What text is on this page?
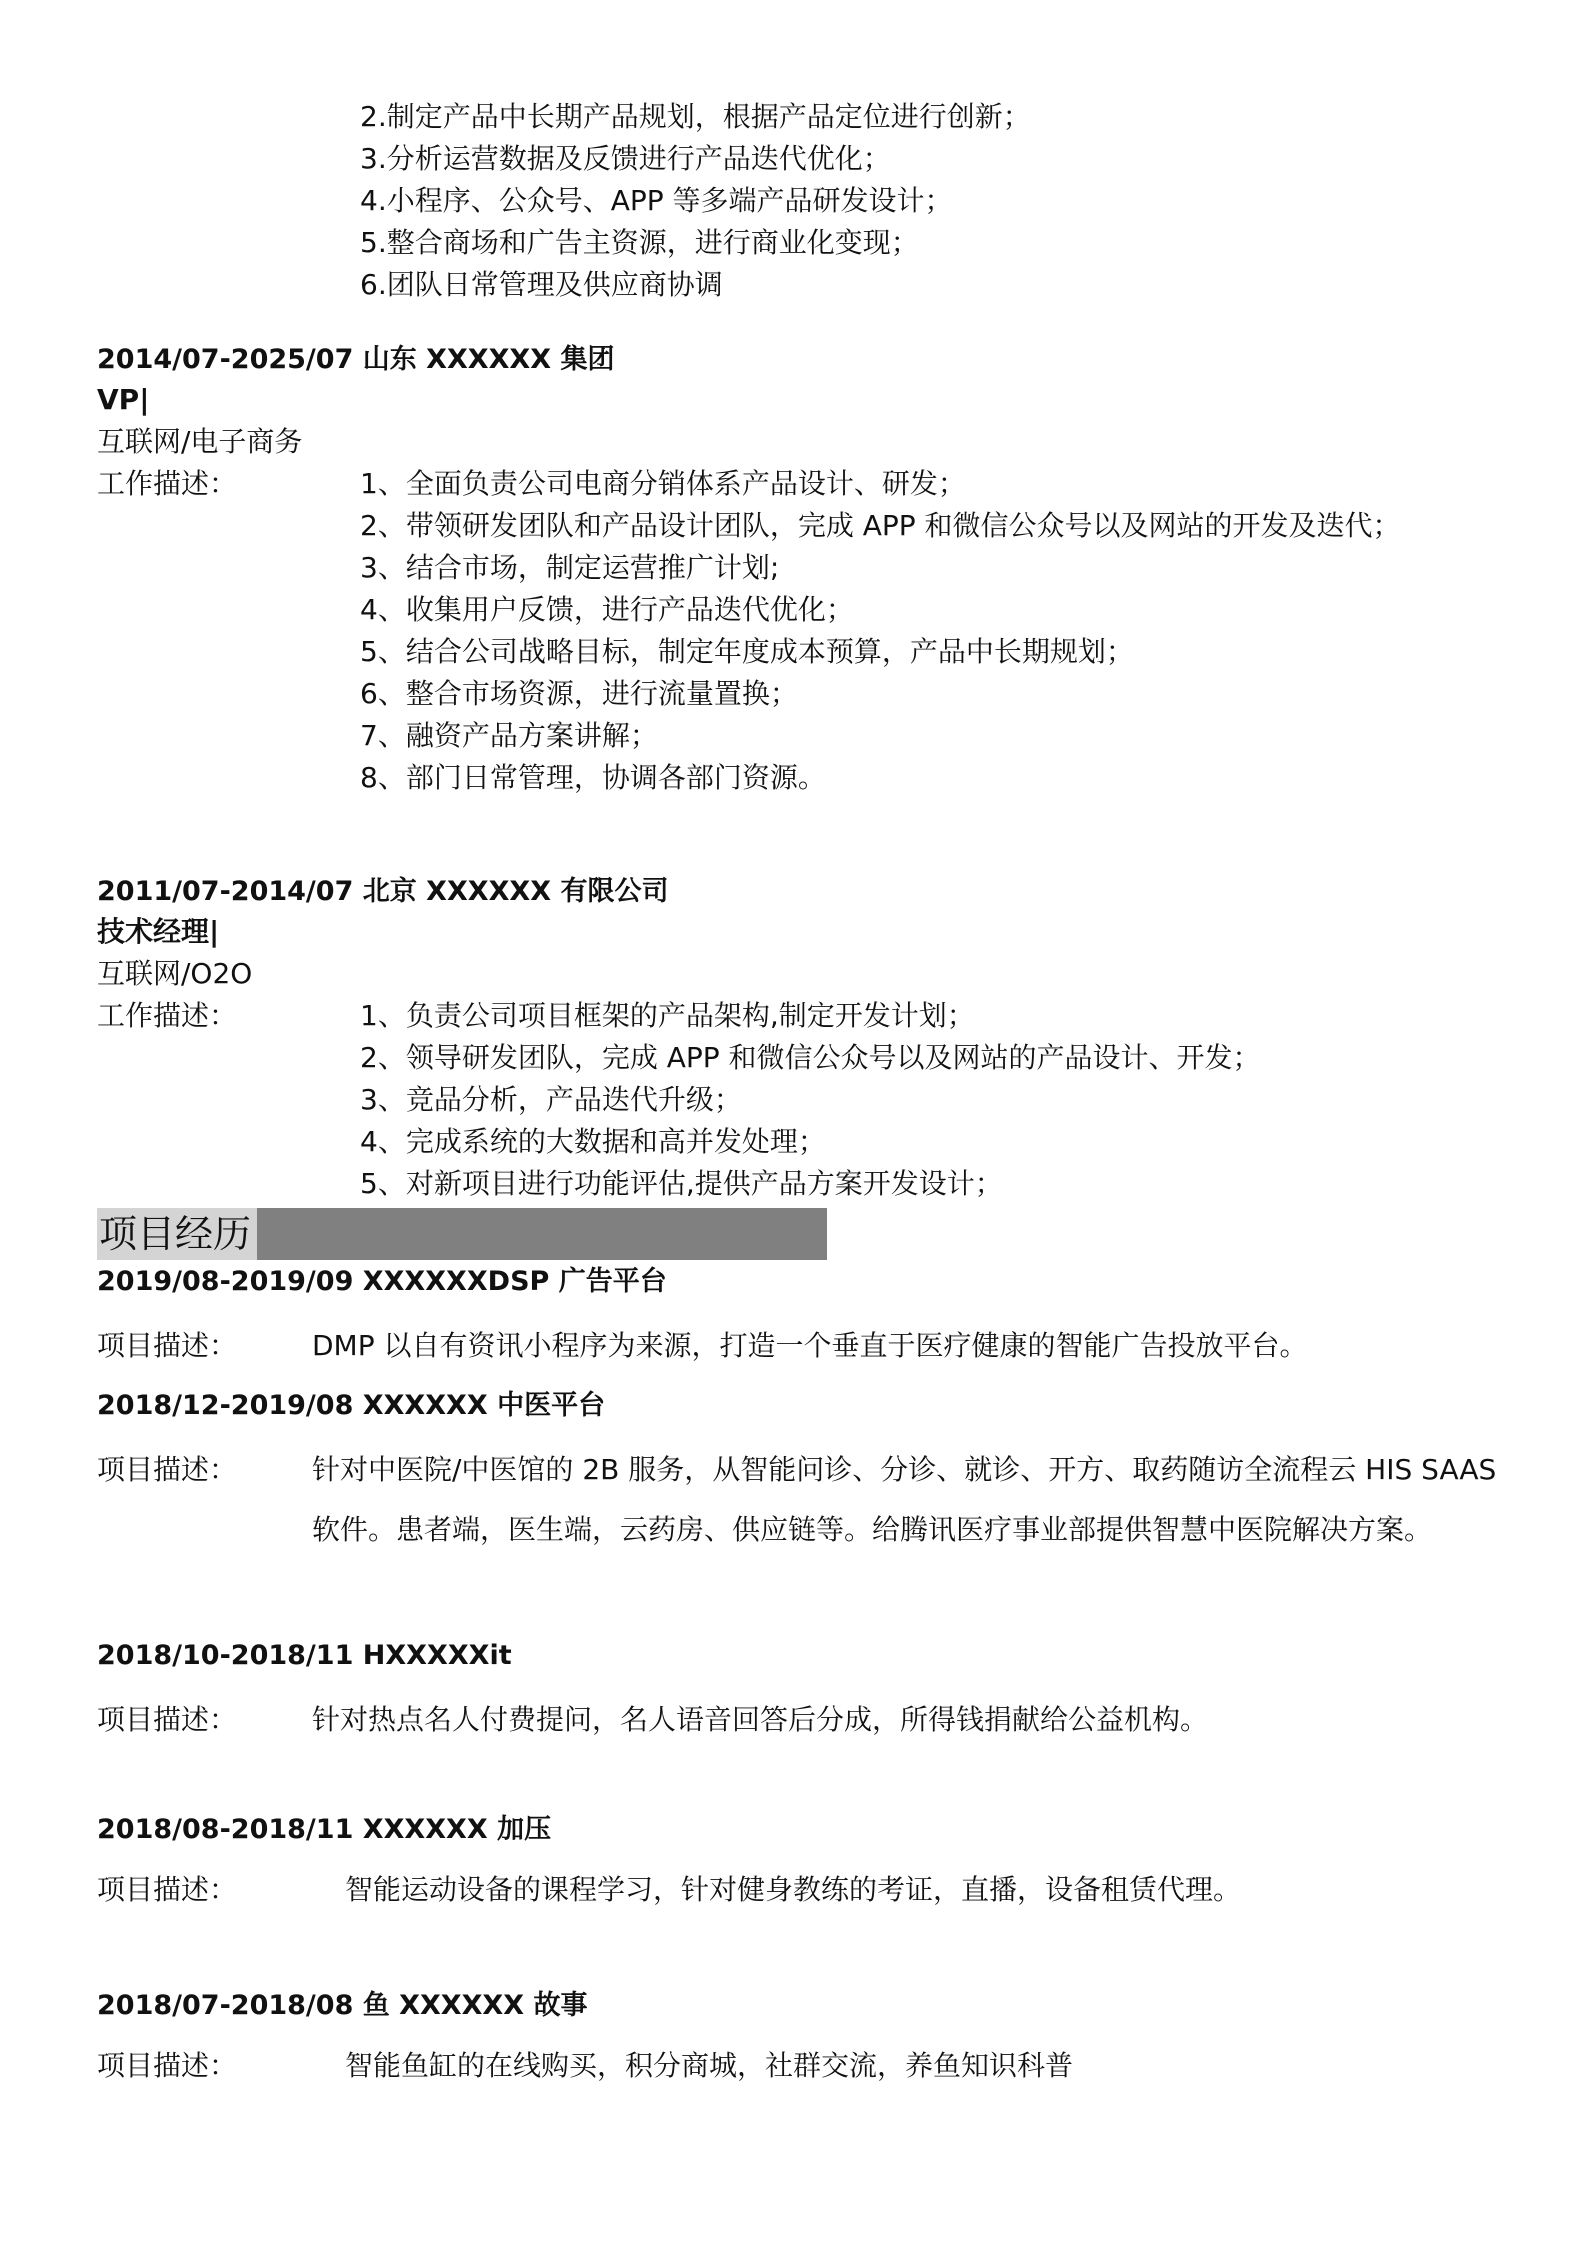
2.制定产品中长期产品规划，根据产品定位进行创新；
3.分析运营数据及反馈进行产品迭代优化；
4.小程序、公众号、APP 等多端产品研发设计；
5.整合商场和广告主资源，进行商业化变现；
6.团队日常管理及供应商协调
2014/07-2025/07 山东 XXXXXX 集团
VP|
互联网/电子商务
工作描述：	1、全面负责公司电商分销体系产品设计、研发；
2、带领研发团队和产品设计团队，完成 APP 和微信公众号以及网站的开发及迭代；
3、结合市场，制定运营推广计划;
4、收集用户反馈，进行产品迭代优化；
5、结合公司战略目标，制定年度成本预算，产品中长期规划；
6、整合市场资源，进行流量置换；
7、融资产品方案讲解；
8、部门日常管理，协调各部门资源。
2011/07-2014/07 北京 XXXXXX 有限公司
技术经理|
互联网/O2O
工作描述：	1、负责公司项目框架的产品架构,制定开发计划；
2、领导研发团队，完成 APP 和微信公众号以及网站的产品设计、开发；
3、竞品分析，产品迭代升级；
4、完成系统的大数据和高并发处理；
5、对新项目进行功能评估,提供产品方案开发设计；
项目经历
2019/08-2019/09 XXXXXXDSP 广告平台
项目描述：	DMP 以自有资讯小程序为来源，打造一个垂直于医疗健康的智能广告投放平台。
2018/12-2019/08 XXXXXX 中医平台
项目描述：	针对中医院/中医馆的 2B 服务，从智能问诊、分诊、就诊、开方、取药随访全流程云 HIS SAAS 软件。患者端，医生端，云药房、供应链等。给腾讯医疗事业部提供智慧中医院解决方案。
2018/10-2018/11 HXXXXXit
项目描述：	针对热点名人付费提问，名人语音回答后分成，所得钱捐献给公益机构。
2018/08-2018/11 XXXXXX 加压
项目描述：	智能运动设备的课程学习，针对健身教练的考证，直播，设备租赁代理。
2018/07-2018/08 鱼 XXXXXX 故事
项目描述：	智能鱼缸的在线购买，积分商城，社群交流，养鱼知识科普
